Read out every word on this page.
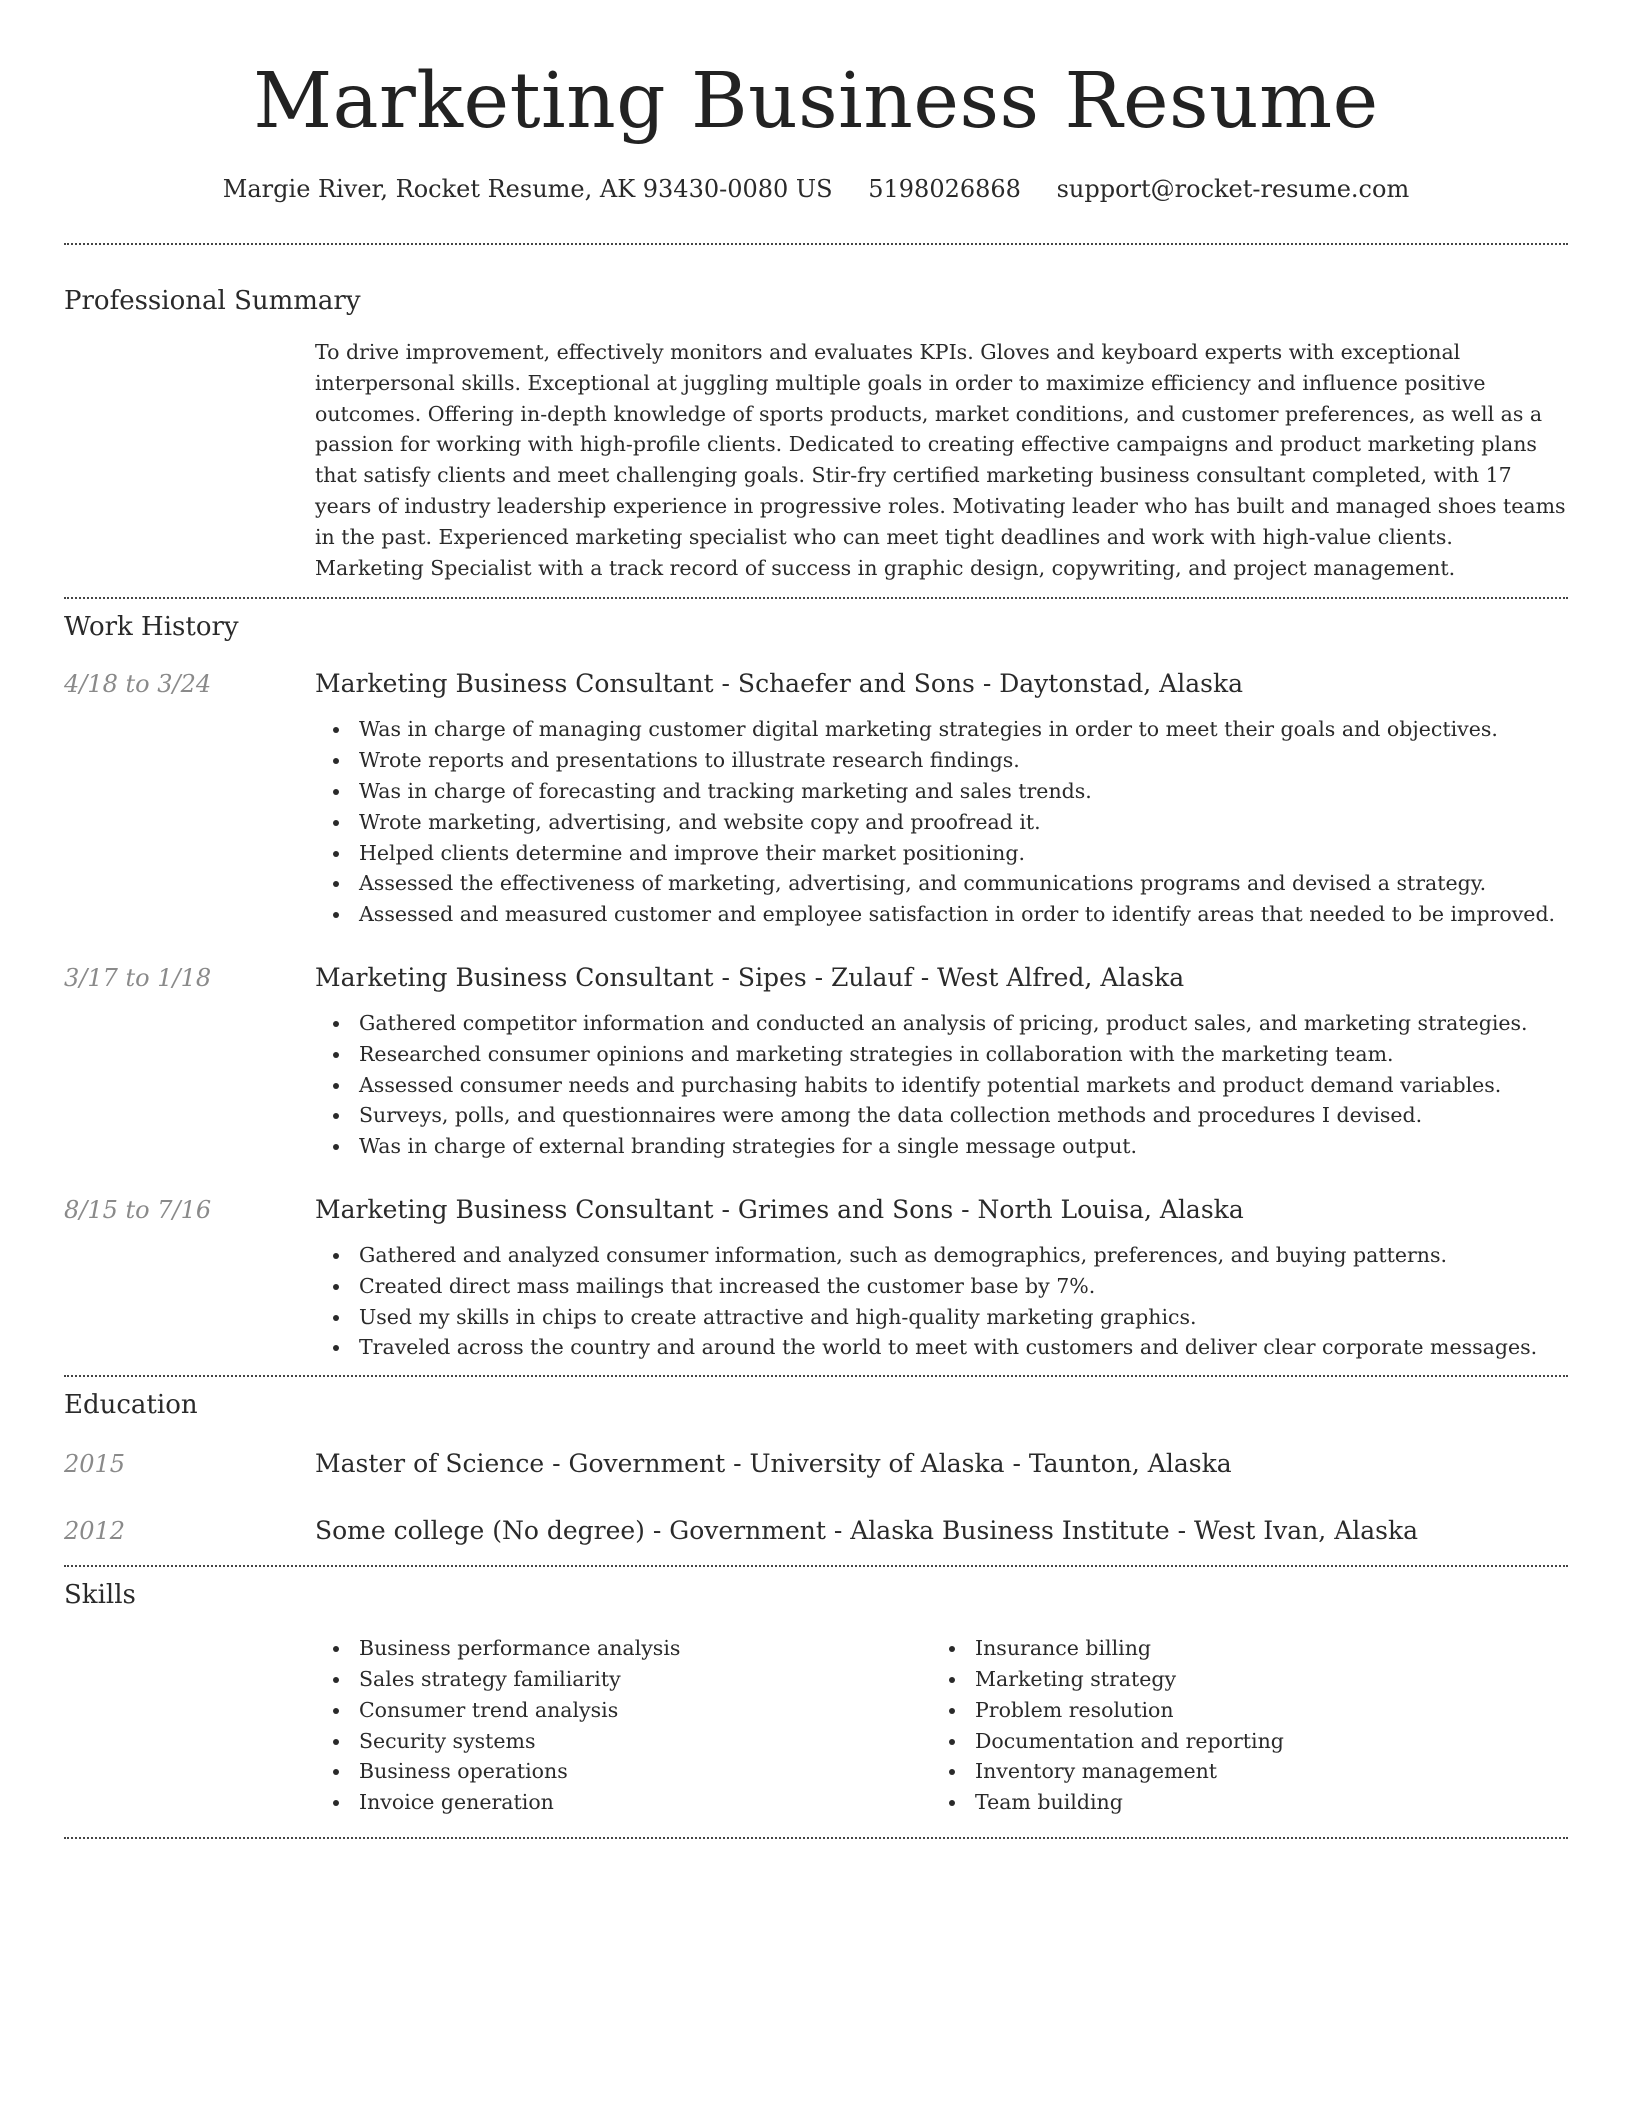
Marketing Business Resume
Margie River, Rocket Resume, AK 93430-0080 US 5198026868 support@rocket-resume.com
Professional Summary
To drive improvement, effectively monitors and evaluates KPIs. Gloves and keyboard experts with exceptional interpersonal skills. Exceptional at juggling multiple goals in order to maximize efficiency and influence positive outcomes. Offering in-depth knowledge of sports products, market conditions, and customer preferences, as well as a passion for working with high-profile clients. Dedicated to creating effective campaigns and product marketing plans that satisfy clients and meet challenging goals. Stir-fry certified marketing business consultant completed, with 17 years of industry leadership experience in progressive roles. Motivating leader who has built and managed shoes teams in the past. Experienced marketing specialist who can meet tight deadlines and work with high-value clients. Marketing Specialist with a track record of success in graphic design, copywriting, and project management.
Work History
4/18 to 3/24	Marketing Business Consultant - Schaefer and Sons - Daytonstad, Alaska
Was in charge of managing customer digital marketing strategies in order to meet their goals and objectives.
Wrote reports and presentations to illustrate research findings.
Was in charge of forecasting and tracking marketing and sales trends.
Wrote marketing, advertising, and website copy and proofread it.
Helped clients determine and improve their market positioning.
Assessed the effectiveness of marketing, advertising, and communications programs and devised a strategy.
Assessed and measured customer and employee satisfaction in order to identify areas that needed to be improved.
3/17 to 1/18	Marketing Business Consultant - Sipes - Zulauf - West Alfred, Alaska
Gathered competitor information and conducted an analysis of pricing, product sales, and marketing strategies.
Researched consumer opinions and marketing strategies in collaboration with the marketing team.
Assessed consumer needs and purchasing habits to identify potential markets and product demand variables.
Surveys, polls, and questionnaires were among the data collection methods and procedures I devised.
Was in charge of external branding strategies for a single message output.
8/15 to 7/16	Marketing Business Consultant - Grimes and Sons - North Louisa, Alaska
Gathered and analyzed consumer information, such as demographics, preferences, and buying patterns.
Created direct mass mailings that increased the customer base by 7%.
Used my skills in chips to create attractive and high-quality marketing graphics.
Traveled across the country and around the world to meet with customers and deliver clear corporate messages.
Education
2015	Master of Science - Government - University of Alaska - Taunton, Alaska
2012	Some college (No degree) - Government - Alaska Business Institute - West Ivan, Alaska
Skills
Business performance analysis
Sales strategy familiarity
Consumer trend analysis
Security systems
Business operations
Invoice generation
Insurance billing
Marketing strategy
Problem resolution
Documentation and reporting
Inventory management
Team building
